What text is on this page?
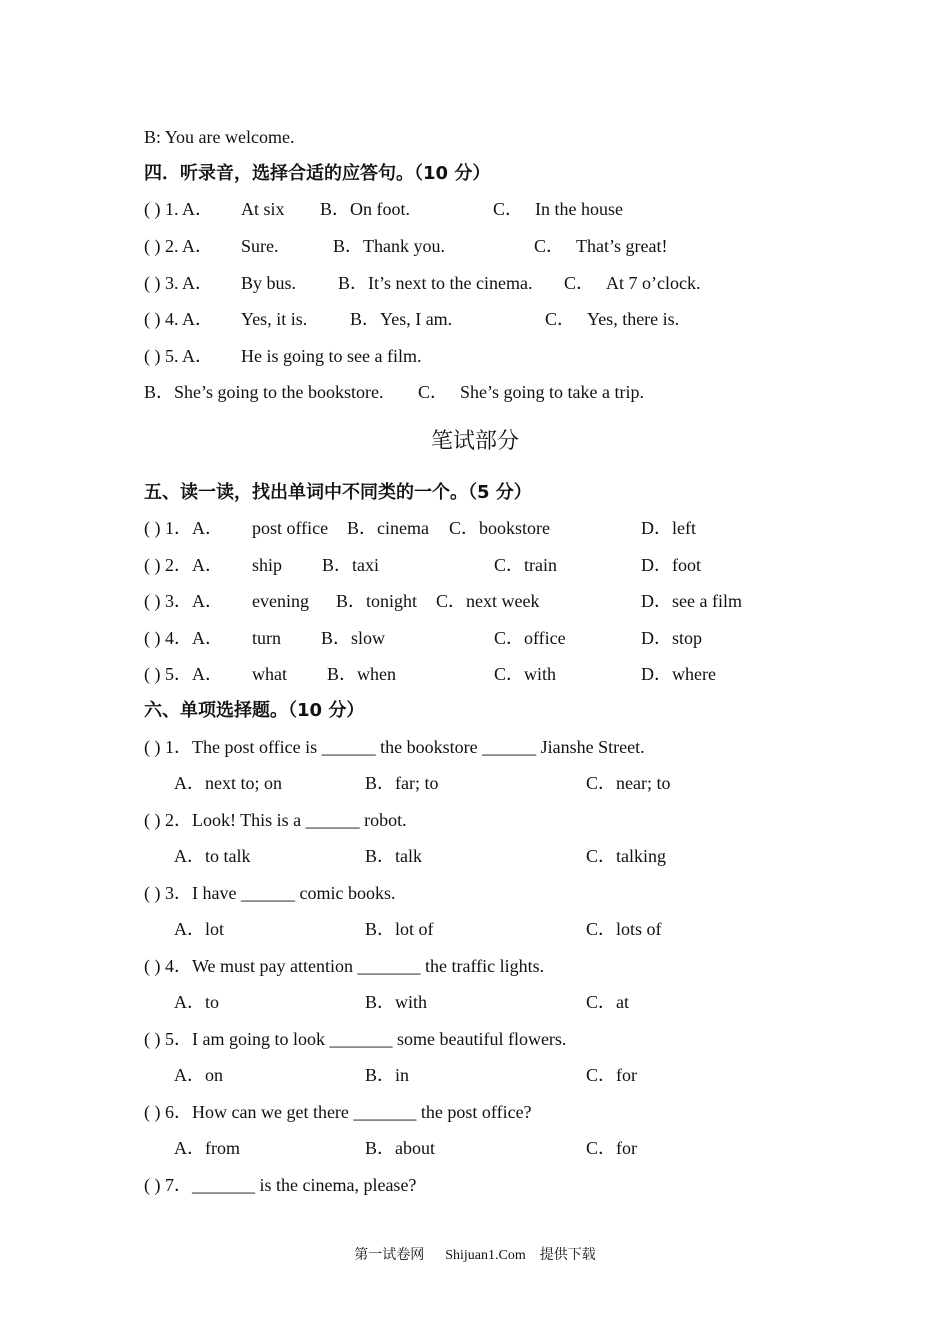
B: You are welcome.
四．听录音，选择合适的应答句。（10 分）
( ) 1. A． At six B．On foot.	C． In the house
( ) 2. A． Sure.	B．Thank you.	C． That’s great!
( ) 3. A． By bus. B．It’s next to the cinema. C． At 7 o’clock.
( ) 4. A． Yes, it is. B．Yes, I am.	C． Yes, there is.
( ) 5. A． He is going to see a film.
B．She’s going to the bookstore. C． She’s going to take a trip.
笔试部分
五、读一读，找出单词中不同类的一个。（5 分）
( ) 1．A． post office B．cinema C．bookstore	D．left
( ) 2．A． ship B．taxi	C．train	D．foot
( ) 3．A． evening B．tonight C．next week	D．see a film
( ) 4．A． turn B．slow	C．office	D．stop
( ) 5．A． what B．when	C．with	D．where
六、单项选择题。（10 分）
( ) 1．The post office is ______ the bookstore ______ Jianshe Street.
A．next to; on	B．far; to	C．near; to
( ) 2．Look! This is a ______ robot.
A．to talk	B．talk	C．talking
( ) 3．I have ______ comic books.
A．lot	B．lot of	C．lots of
( ) 4．We must pay attention _______ the traffic lights.
A．to	B．with	C．at
( ) 5．I am going to look _______ some beautiful flowers.
A．on	B．in	C．for
( ) 6．How can we get there _______ the post office?
A．from	B．about	C．for
( ) 7．_______ is the cinema, please?
第一试卷网      Shijuan1.Com    提供下载
